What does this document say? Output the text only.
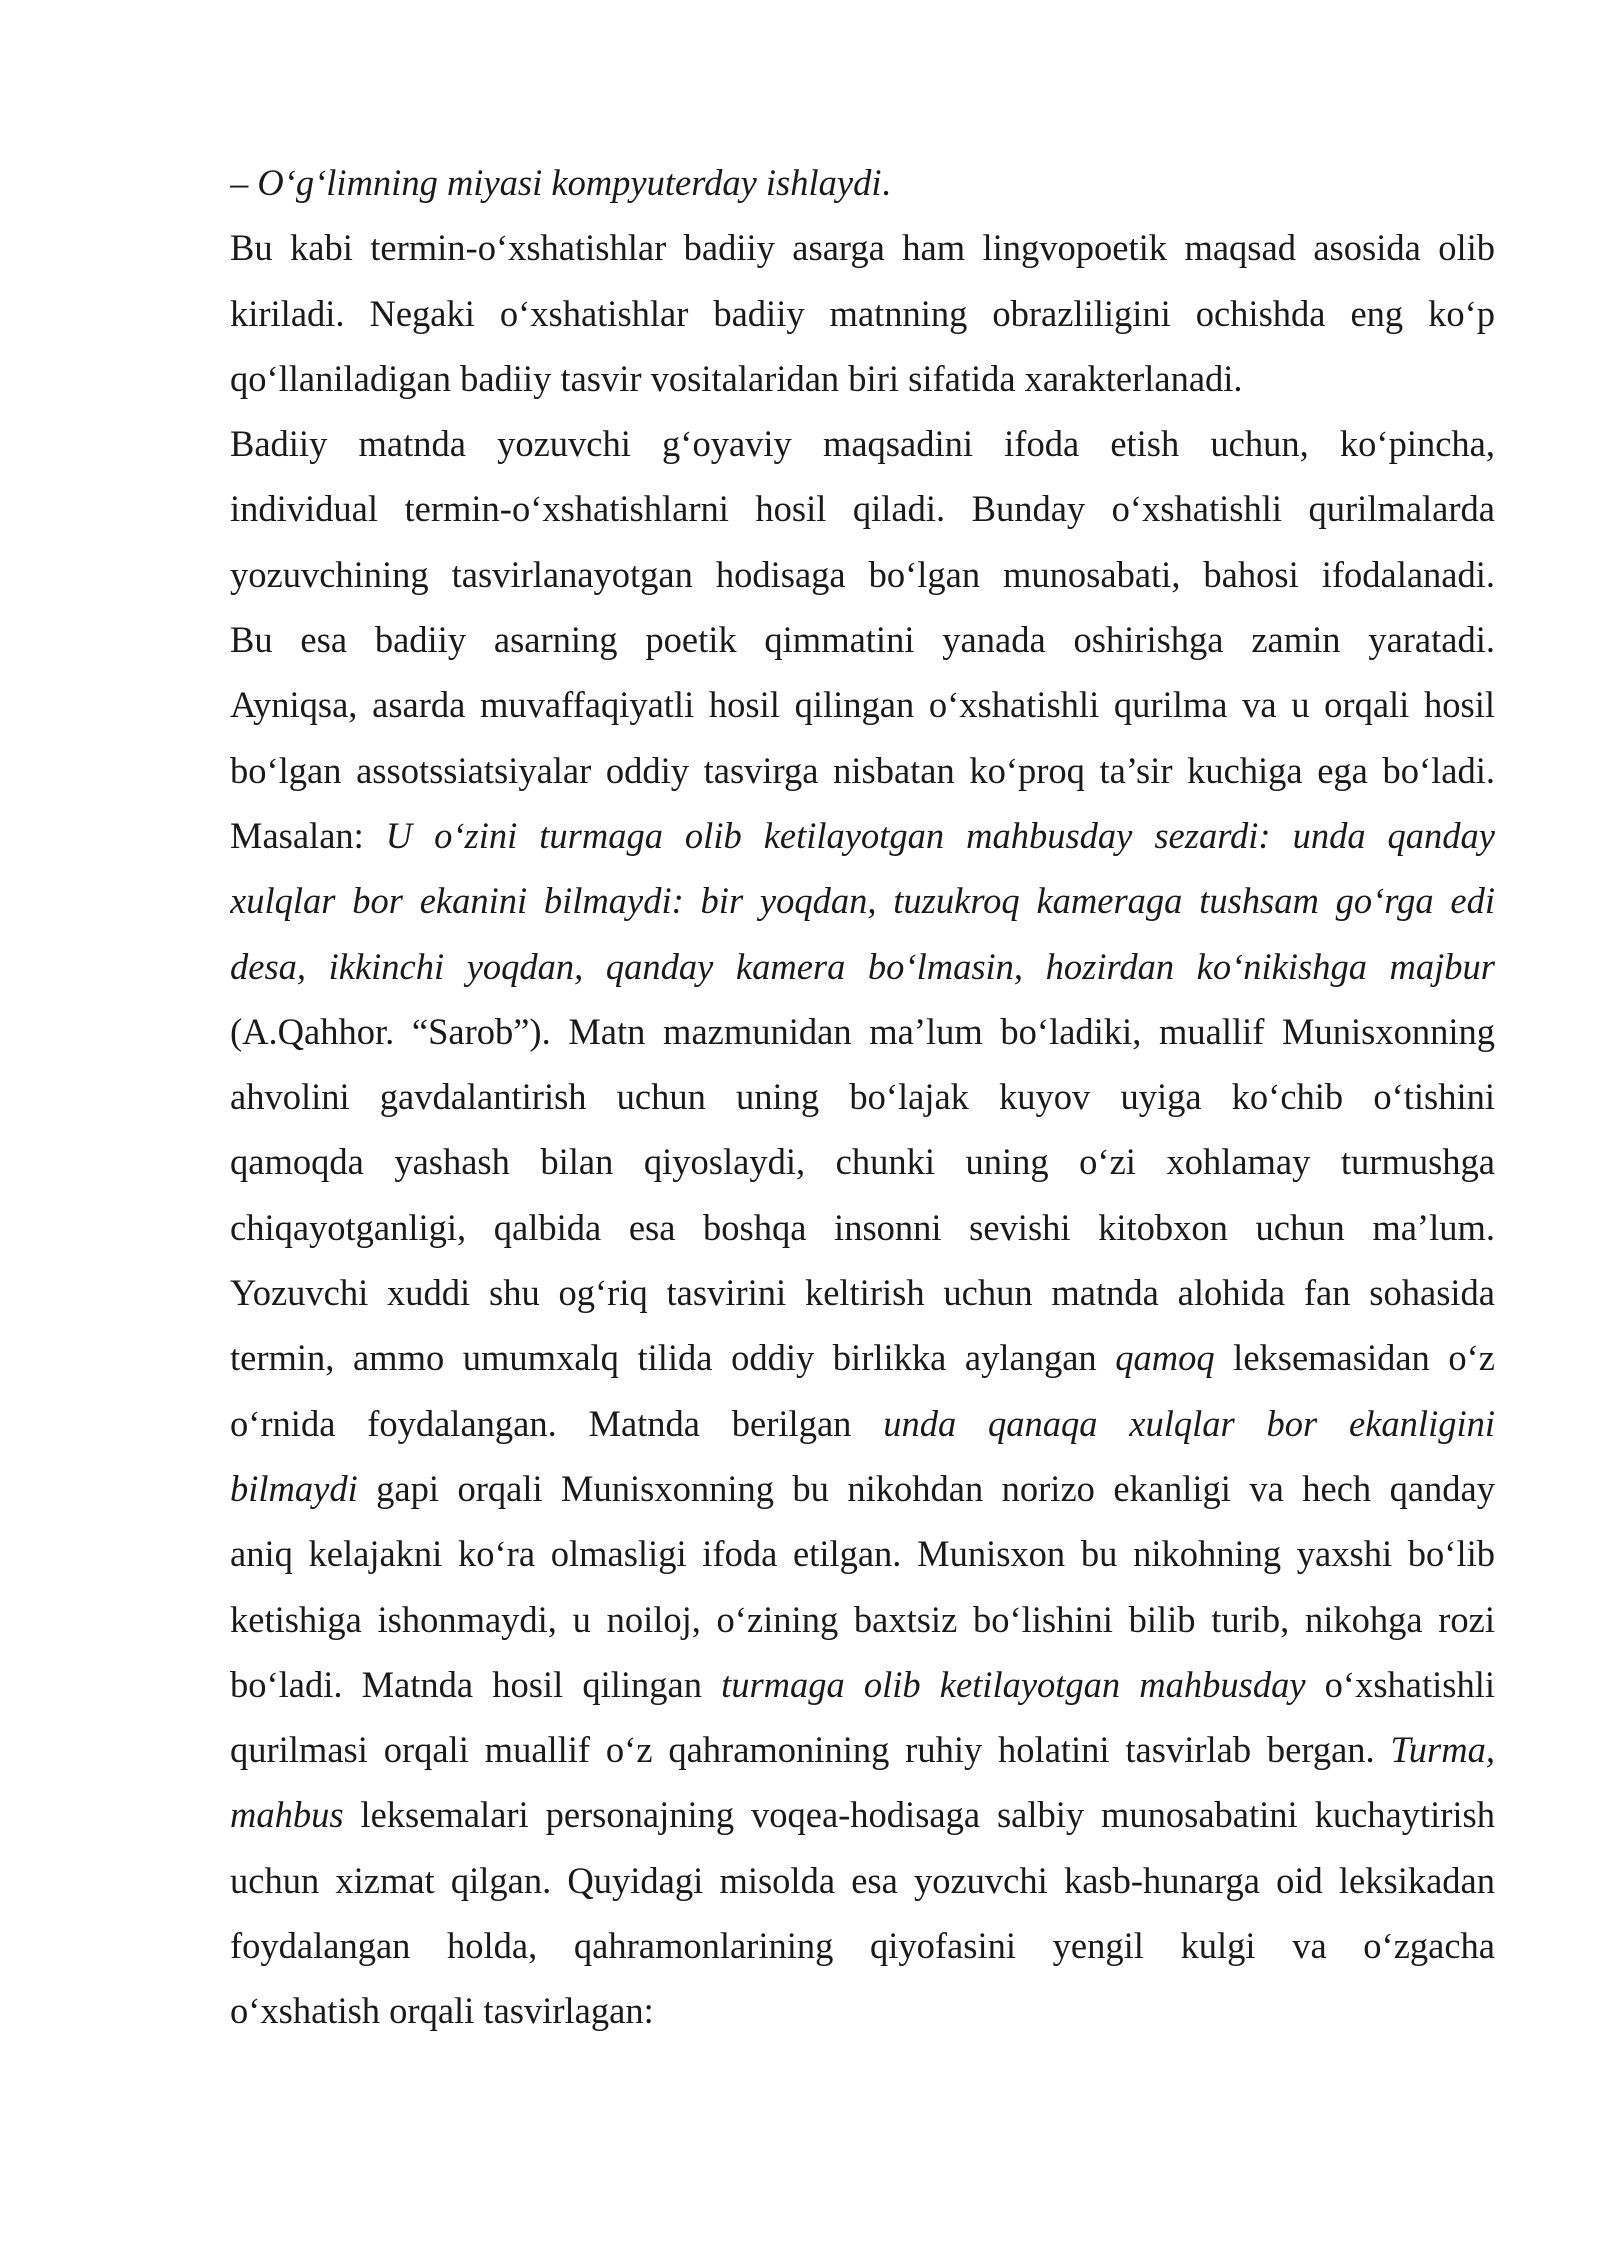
– O‘g‘limning miyasi kompyuterday ishlaydi.
Bu kabi termin-o‘xshatishlar badiiy asarga ham lingvopoetik maqsad asosida olib
kiriladi. Negaki o‘xshatishlar badiiy matnning obrazliligini ochishda eng ko‘p
qo‘llaniladigan badiiy tasvir vositalaridan biri sifatida xarakterlanadi.
Badiiy matnda yozuvchi g‘oyaviy maqsadini ifoda etish uchun, ko‘pincha,
individual termin-o‘xshatishlarni hosil qiladi. Bunday o‘xshatishli qurilmalarda
yozuvchining tasvirlanayotgan hodisaga bo‘lgan munosabati, bahosi ifodalanadi.
Bu esa badiiy asarning poetik qimmatini yanada oshirishga zamin yaratadi.
Ayniqsa, asarda muvaffaqiyatli hosil qilingan o‘xshatishli qurilma va u orqali hosil
bo‘lgan assotssiatsiyalar oddiy tasvirga nisbatan ko‘proq ta’sir kuchiga ega bo‘ladi.
Masalan: U o‘zini turmaga olib ketilayotgan mahbusday sezardi: unda qanday
xulqlar bor ekanini bilmaydi: bir yoqdan, tuzukroq kameraga tushsam go‘rga edi
desa, ikkinchi yoqdan, qanday kamera bo‘lmasin, hozirdan ko‘nikishga majbur
(A.Qahhor. “Sarob”). Matn mazmunidan ma’lum bo‘ladiki, muallif Munisxonning
ahvolini gavdalantirish uchun uning bo‘lajak kuyov uyiga ko‘chib o‘tishini
qamoqda yashash bilan qiyoslaydi, chunki uning o‘zi xohlamay turmushga
chiqayotganligi, qalbida esa boshqa insonni sevishi kitobxon uchun ma’lum.
Yozuvchi xuddi shu og‘riq tasvirini keltirish uchun matnda alohida fan sohasida
termin, ammo umumxalq tilida oddiy birlikka aylangan qamoq leksemasidan o‘z
o‘rnida foydalangan. Matnda berilgan unda qanaqa xulqlar bor ekanligini
bilmaydi gapi orqali Munisxonning bu nikohdan norizo ekanligi va hech qanday
aniq kelajakni ko‘ra olmasligi ifoda etilgan. Munisxon bu nikohning yaxshi bo‘lib
ketishiga ishonmaydi, u noiloj, o‘zining baxtsiz bo‘lishini bilib turib, nikohga rozi
bo‘ladi. Matnda hosil qilingan turmaga olib ketilayotgan mahbusday o‘xshatishli
qurilmasi orqali muallif o‘z qahramonining ruhiy holatini tasvirlab bergan. Turma,
mahbus leksemalari personajning voqea-hodisaga salbiy munosabatini kuchaytirish
uchun xizmat qilgan. Quyidagi misolda esa yozuvchi kasb-hunarga oid leksikadan
foydalangan holda, qahramonlarining qiyofasini yengil kulgi va o‘zgacha
o‘xshatish orqali tasvirlagan:
